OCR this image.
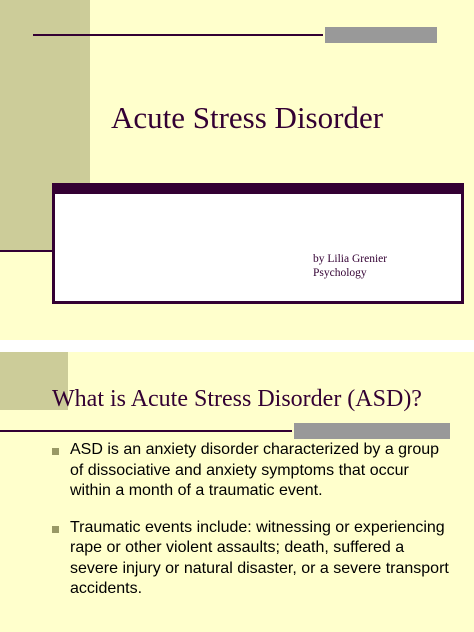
Acute Stress Disorder
by Lilia Grenier
Psychology
What is Acute Stress Disorder (ASD)?
ASD is an anxiety disorder characterized by a group
of dissociative and anxiety symptoms that occur
within a month of a traumatic event.
Traumatic events include: witnessing or experiencing
rape or other violent assaults; death, suffered a
severe injury or natural disaster, or a severe transport
accidents.
